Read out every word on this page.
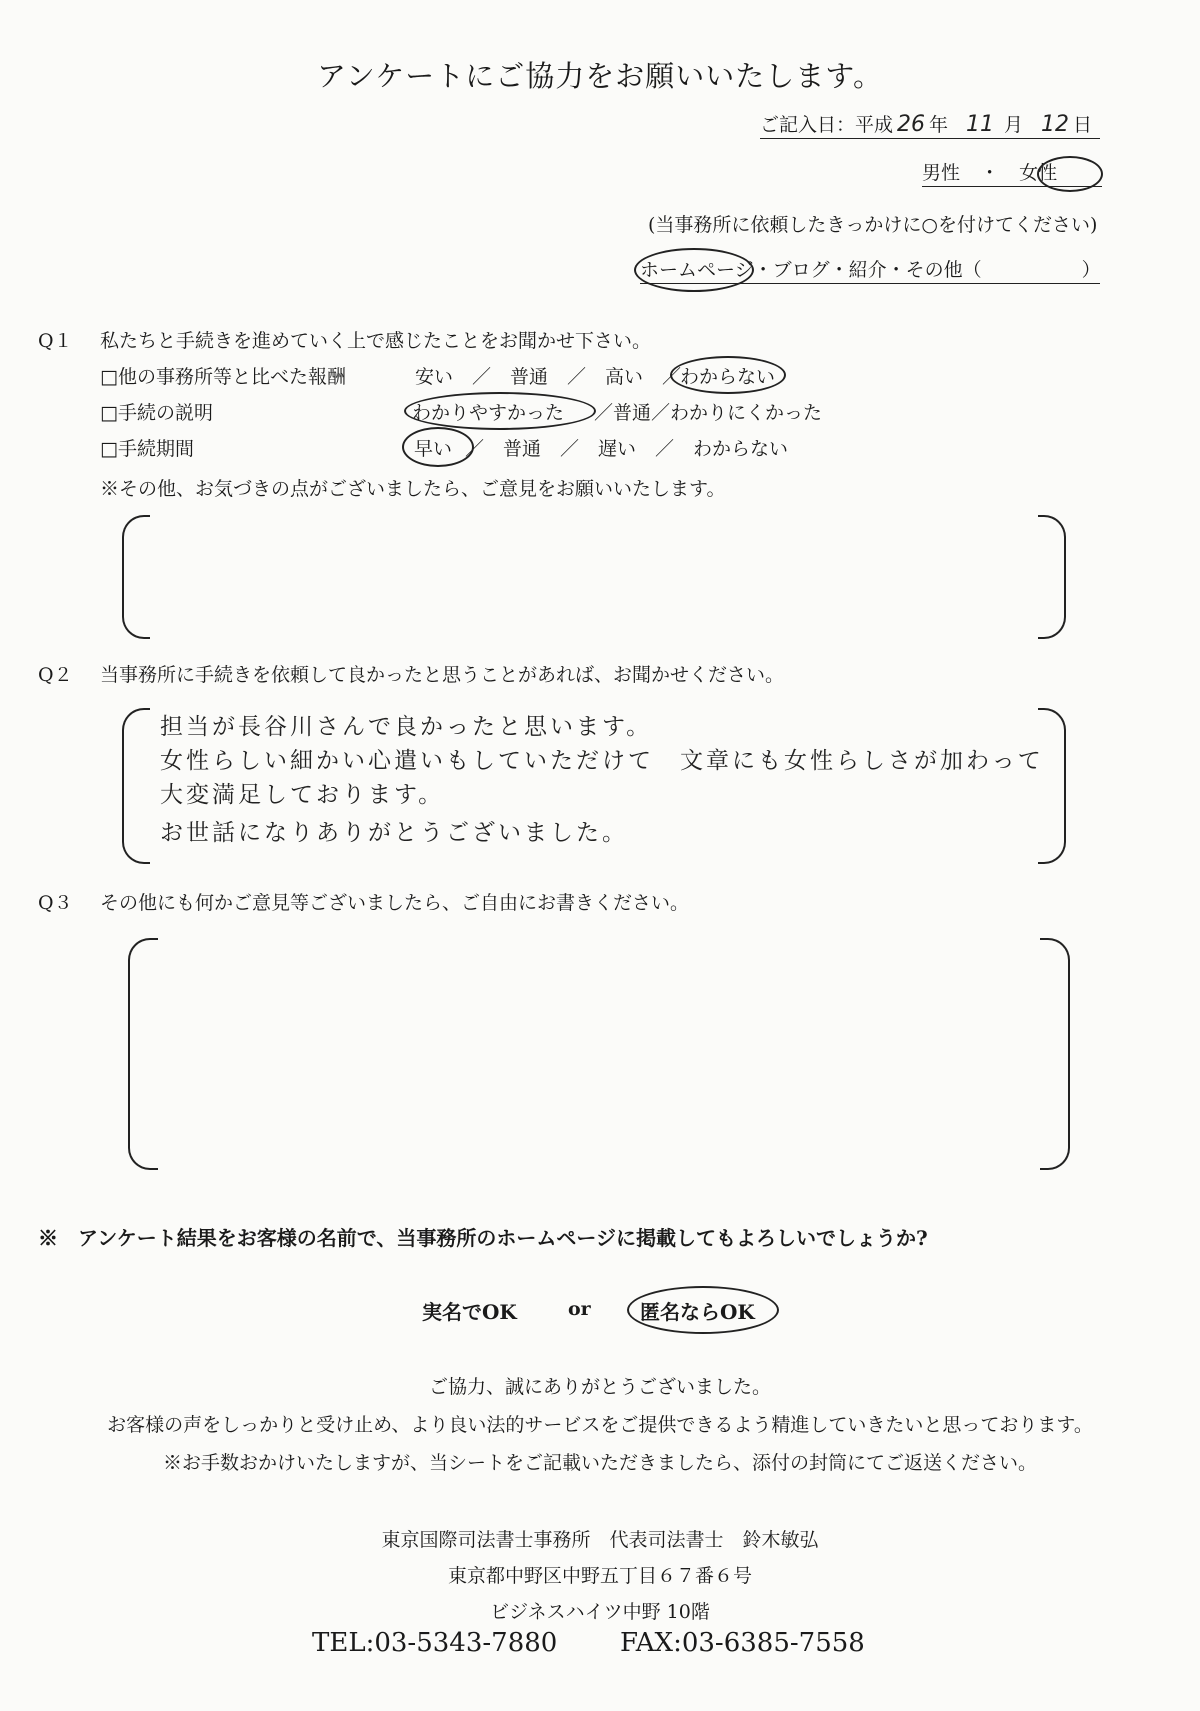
アンケートにご協力をお願いいたします。
ご記入日：平成 26 年 11 月 12 日
男性 ・ 女性
(当事務所に依頼したきっかけに○を付けてください)
ホームページ・ブログ・紹介・その他（	）
Q１ 私たちと手続きを進めていく上で感じたことをお聞かせ下さい。
□他の事務所等と比べた報酬	安い　／　普通　／　高い　／
わからない
□手続の説明	わかりやすかった ／普通／わかりにくかった
□手続期間	早い ／　普通　／　遅い　／　わからない
※その他、お気づきの点がございましたら、ご意見をお願いいたします。
Q２ 当事務所に手続きを依頼して良かったと思うことがあれば、お聞かせください。
担当が長谷川さんで良かったと思います。
女性らしい細かい心遣いもしていただけて　文章にも女性らしさが加わって
大変満足しております。
お世話になりありがとうございました。
Q３ その他にも何かご意見等ございましたら、ご自由にお書きください。
※　アンケート結果をお客様の名前で、当事務所のホームページに掲載してもよろしいでしょうか?
実名でOK	or 匿名ならOK
ご協力、誠にありがとうございました。
お客様の声をしっかりと受け止め、より良い法的サービスをご提供できるよう精進していきたいと思っております。
※お手数おかけいたしますが、当シートをご記載いただきましたら、添付の封筒にてご返送ください。
東京国際司法書士事務所　代表司法書士　鈴木敏弘
東京都中野区中野五丁目６７番６号
ビジネスハイツ中野 10階
TEL:03-5343-7880 FAX:03-6385-7558
